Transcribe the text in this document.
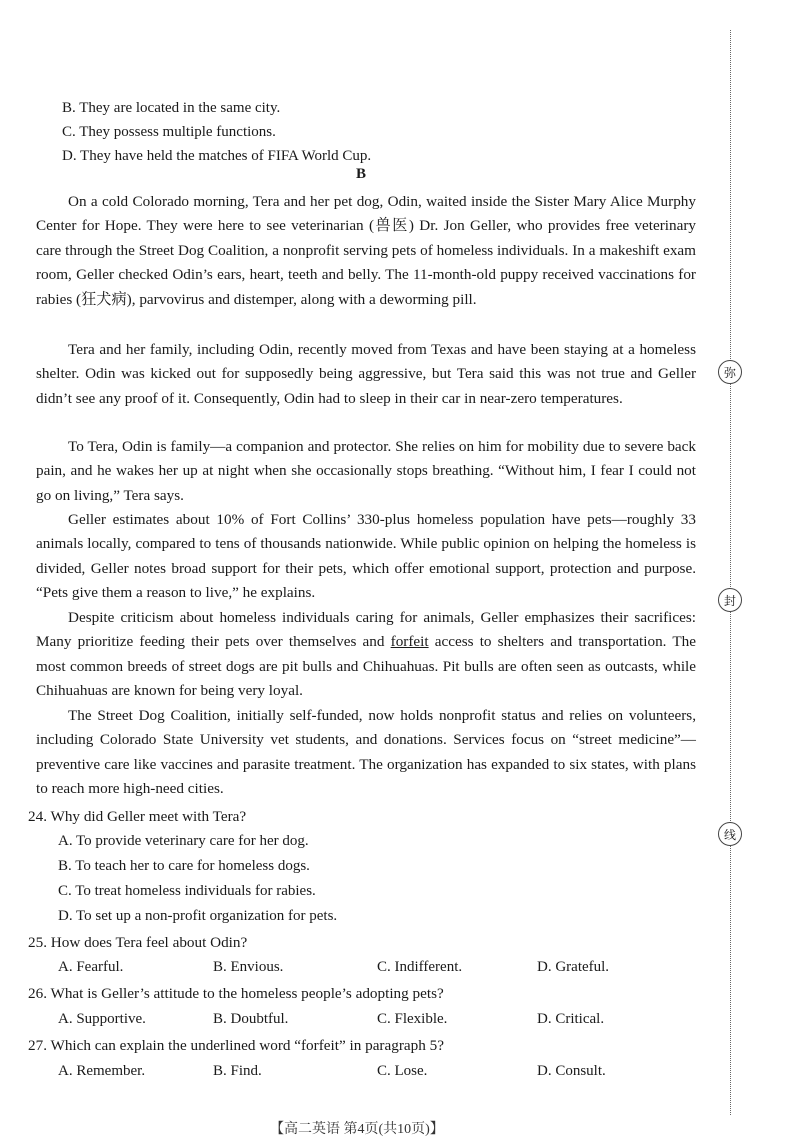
B. They are located in the same city.
C. They possess multiple functions.
D. They have held the matches of FIFA World Cup.
B
On a cold Colorado morning, Tera and her pet dog, Odin, waited inside the Sister Mary Alice Murphy Center for Hope. They were here to see veterinarian (兽医) Dr. Jon Geller, who provides free veterinary care through the Street Dog Coalition, a nonprofit serving pets of homeless individuals. In a makeshift exam room, Geller checked Odin’s ears, heart, teeth and belly. The 11-month-old puppy received vaccinations for rabies (狂犬病), parvovirus and distemper, along with a deworming pill.
Tera and her family, including Odin, recently moved from Texas and have been staying at a homeless shelter. Odin was kicked out for supposedly being aggressive, but Tera said this was not true and Geller didn’t see any proof of it. Consequently, Odin had to sleep in their car in near-zero temperatures.
To Tera, Odin is family—a companion and protector. She relies on him for mobility due to severe back pain, and he wakes her up at night when she occasionally stops breathing. “Without him, I fear I could not go on living,” Tera says.
Geller estimates about 10% of Fort Collins’ 330-plus homeless population have pets—roughly 33 animals locally, compared to tens of thousands nationwide. While public opinion on helping the homeless is divided, Geller notes broad support for their pets, which offer emotional support, protection and purpose. “Pets give them a reason to live,” he explains.
Despite criticism about homeless individuals caring for animals, Geller emphasizes their sacrifices: Many prioritize feeding their pets over themselves and forfeit access to shelters and transportation. The most common breeds of street dogs are pit bulls and Chihuahuas. Pit bulls are often seen as outcasts, while Chihuahuas are known for being very loyal.
The Street Dog Coalition, initially self-funded, now holds nonprofit status and relies on volunteers, including Colorado State University vet students, and donations. Services focus on “street medicine”—preventive care like vaccines and parasite treatment. The organization has expanded to six states, with plans to reach more high-need cities.
24. Why did Geller meet with Tera?
A. To provide veterinary care for her dog.
B. To teach her to care for homeless dogs.
C. To treat homeless individuals for rabies.
D. To set up a non-profit organization for pets.
25. How does Tera feel about Odin?
A. Fearful.	B. Envious.	C. Indifferent.	D. Grateful.
26. What is Geller’s attitude to the homeless people’s adopting pets?
A. Supportive.	B. Doubtful.	C. Flexible.	D. Critical.
27. Which can explain the underlined word “forfeit” in paragraph 5?
A. Remember.	B. Find.	C. Lose.	D. Consult.
弥
封
线
【高二英语 第4页(共10页)】
